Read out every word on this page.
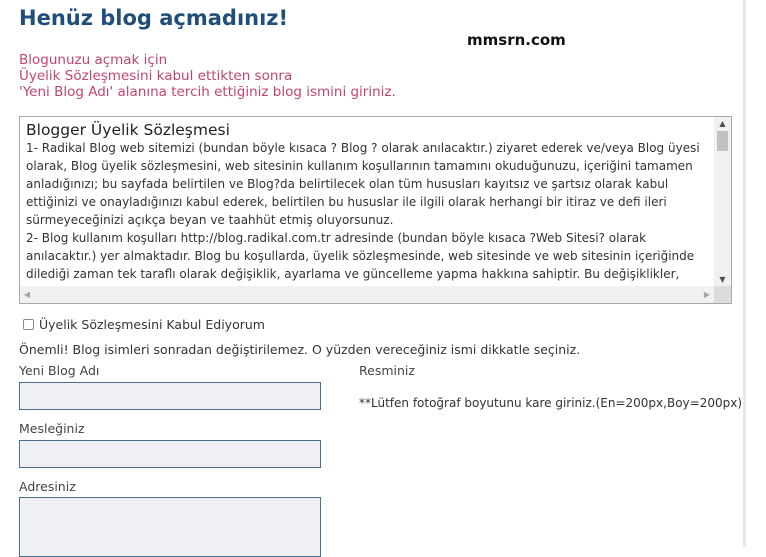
Henüz blog açmadınız!
mmsrn.com
Blogunuzu açmak için
Üyelik Sözleşmesini kabul ettikten sonra
'Yeni Blog Adı' alanına tercih ettiğiniz blog ismini giriniz.
Blogger Üyelik Sözleşmesi

1- Radikal Blog web sitemizi (bundan böyle kısaca ? Blog ? olarak anılacaktır.) ziyaret ederek ve/veya Blog üyesi olarak, Blog üyelik sözleşmesini, web sitesinin kullanım koşullarının tamamını okuduğunuzu, içeriğini tamamen anladığınızı; bu sayfada belirtilen ve Blog?da belirtilecek olan tüm hususları kayıtsız ve şartsız olarak kabul ettiğinizi ve onayladığınızı kabul ederek, belirtilen bu hususlar ile ilgili olarak herhangi bir itiraz ve defi ileri sürmeyeceğinizi açıkça beyan ve taahhüt etmiş oluyorsunuz.

2- Blog kullanım koşulları http://blog.radikal.com.tr adresinde (bundan böyle kısaca ?Web Sitesi? olarak anılacaktır.) yer almaktadır. Blog bu koşullarda, üyelik sözleşmesinde, web sitesinde ve web sitesinin içeriğinde dilediği zaman tek taraflı olarak değişiklik, ayarlama ve güncelleme yapma hakkına sahiptir. Bu değişiklikler,

▲
▼
◀	▶
Üyelik Sözleşmesini Kabul Ediyorum
Önemli! Blog isimleri sonradan değiştirilemez. O yüzden vereceğiniz ismi dikkatle seçiniz.
Yeni Blog Adı
Mesleğiniz
Adresiniz
Resminiz
**Lütfen fotoğraf boyutunu kare giriniz.(En=200px,Boy=200px)
